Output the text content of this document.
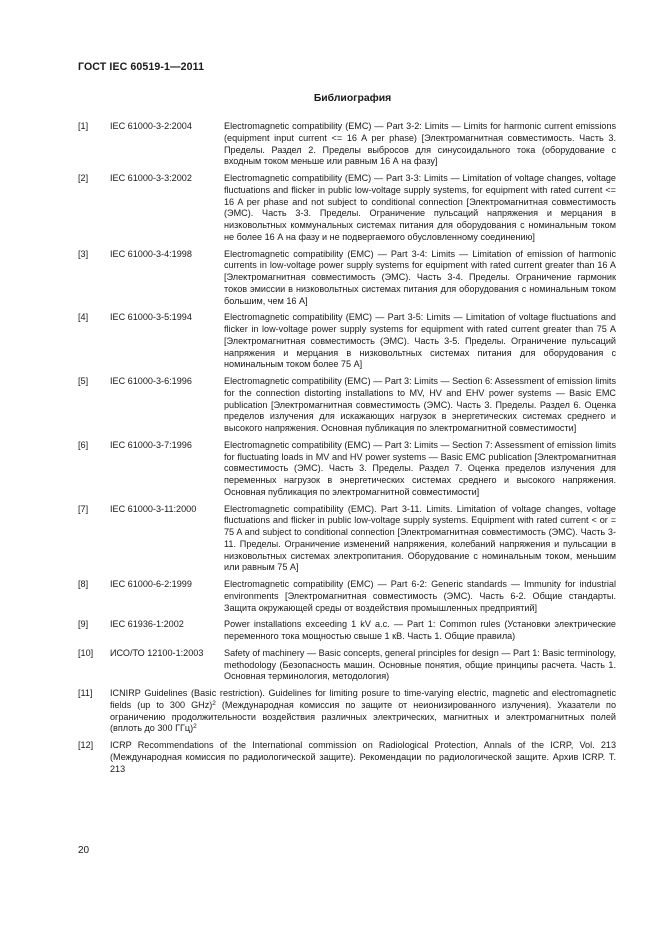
ГОСТ IEC 60519-1—2011
Библиография
[1] IEC 61000-3-2:2004	Electromagnetic compatibility (EMC) — Part 3-2: Limits — Limits for harmonic current emissions (equipment input current <= 16 A per phase) [Электромагнитная совместимость. Часть 3. Пределы. Раздел 2. Пределы выбросов для синусоидального тока (оборудование с входным током меньше или равным 16 А на фазу]
[2] IEC 61000-3-3:2002	Electromagnetic compatibility (EMC) — Part 3-3: Limits — Limitation of voltage changes, voltage fluctuations and flicker in public low-voltage supply systems, for equipment with rated current <= 16 A per phase and not subject to conditional connection [Электромагнитная совместимость (ЭМС). Часть 3-3. Пределы. Ограничение пульсаций напряжения и мерцания в низковольтных коммунальных системах питания для оборудования с номинальным током не более 16 А на фазу и не подвергаемого обусловленному соединению]
[3] IEC 61000-3-4:1998	Electromagnetic compatibility (EMC) — Part 3-4: Limits — Limitation of emission of harmonic currents in low-voltage power supply systems for equipment with rated current greater than 16 A [Электромагнитная совместимость (ЭМС). Часть 3-4. Пределы. Ограничение гармоник токов эмиссии в низковольтных системах питания для оборудования с номинальным током большим, чем 16 А]
[4] IEC 61000-3-5:1994	Electromagnetic compatibility (EMC) — Part 3-5: Limits — Limitation of voltage fluctuations and flicker in low-voltage power supply systems for equipment with rated current greater than 75 A [Электромагнитная совместимость (ЭМС). Часть 3-5. Пределы. Ограничение пульсаций напряжения и мерцания в низковольтных системах питания для оборудования с номинальным током более 75 А]
[5] IEC 61000-3-6:1996	Electromagnetic compatibility (EMC) — Part 3: Limits — Section 6: Assessment of emission limits for the connection distorting installations to MV, HV and EHV power systems — Basic EMC publication [Электромагнитная совместимость (ЭМС). Часть 3. Пределы. Раздел 6. Оценка пределов излучения для искажающих нагрузок в энергетических системах среднего и высокого напряжения. Основная публикация по электромагнитной совместимости]
[6] IEC 61000-3-7:1996	Electromagnetic compatibility (EMC) — Part 3: Limits — Section 7: Assessment of emission limits for fluctuating loads in MV and HV power systems — Basic EMC publication [Электромагнитная совместимость (ЭМС). Часть 3. Пределы. Раздел 7. Оценка пределов излучения для переменных нагрузок в энергетических системах среднего и высокого напряжения. Основная публикация по электромагнитной совместимости]
[7] IEC 61000-3-11:2000	Electromagnetic compatibility (EMC). Part 3-11. Limits. Limitation of voltage changes, voltage fluctuations and flicker in public low-voltage supply systems. Equipment with rated current < or = 75 A and subject to conditional connection [Электромагнитная совместимость (ЭМС). Часть 3-11. Пределы. Ограничение изменений напряжения, колебаний напряжения и пульсации в низковольтных системах электропитания. Оборудование с номинальным током, меньшим или равным 75 А]
[8] IEC 61000-6-2:1999	Electromagnetic compatibility (EMC) — Part 6-2: Generic standards — Immunity for industrial environments [Электромагнитная совместимость (ЭМС). Часть 6-2. Общие стандарты. Защита окружающей среды от воздействия промышленных предприятий]
[9] IEC 61936-1:2002	Power installations exceeding 1 kV a.c. — Part 1: Common rules (Установки электрические переменного тока мощностью свыше 1 кВ. Часть 1. Общие правила)
[10] ИСО/ТО 12100-1:2003 Safety of machinery — Basic concepts, general principles for design — Part 1: Basic terminology, methodology (Безопасность машин. Основные понятия, общие принципы расчета. Часть 1. Основная терминология, методология)
[11] ICNIRP Guidelines (Basic restriction). Guidelines for limiting posure to time-varying electric, magnetic and electromagnetic fields (up to 300 GHz)$^2$ (Международная комиссия по защите от неионизированного излучения). Указатели по ограничению продолжительности воздействия различных электрических, магнитных и электромагнитных полей (вплоть до 300 ГГц)$^2$
[12] ICRP Recommendations of the International commission on Radiological Protection, Annals of the ICRP, Vol. 213 (Международная комиссия по радиологической защите). Рекомендации по радиологической защите. Архив ICRP. Т. 213
20
